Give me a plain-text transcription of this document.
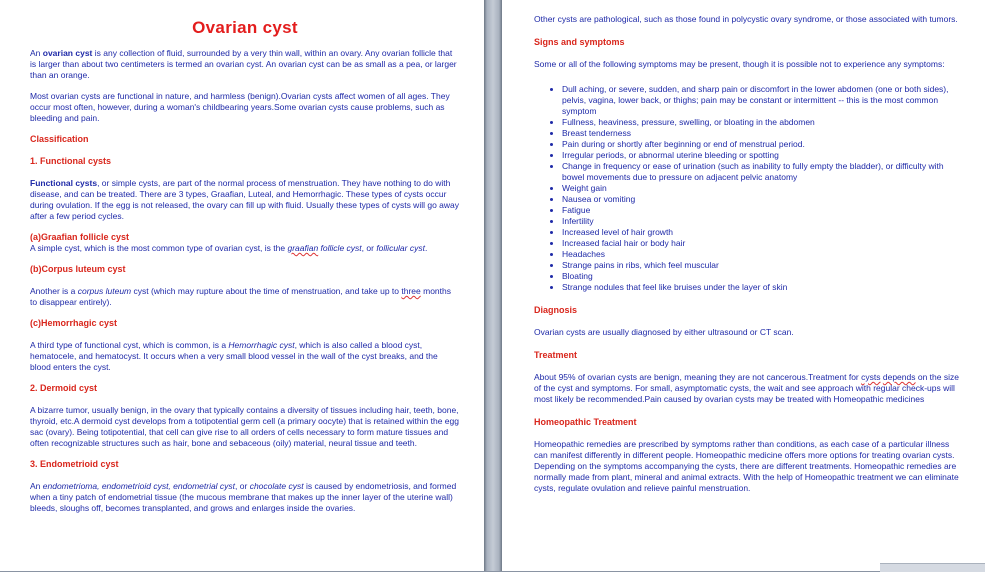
Ovarian cyst

An ovarian cyst is any collection of fluid, surrounded by a very thin wall, within an ovary. Any ovarian follicle that is larger than about two centimeters is termed an ovarian cyst. An ovarian cyst can be as small as a pea, or larger than an orange.

Most ovarian cysts are functional in nature, and harmless (benign).Ovarian cysts affect women of all ages. They occur most often, however, during a woman's childbearing years.Some ovarian cysts cause problems, such as bleeding and pain.

Classification
1. Functional cysts

Functional cysts, or simple cysts, are part of the normal process of menstruation. They have nothing to do with disease, and can be treated. There are 3 types, Graafian, Luteal, and Hemorrhagic. These types of cysts occur during ovulation. If the egg is not released, the ovary can fill up with fluid. Usually these types of cysts will go away after a few period cycles.

(a)Graafian follicle cyst

A simple cyst, which is the most common type of ovarian cyst, is the graafian follicle cyst, or follicular cyst.

(b)Corpus luteum cyst

Another is a corpus luteum cyst (which may rupture about the time of menstruation, and take up to three months to disappear entirely).

(c)Hemorrhagic cyst

A third type of functional cyst, which is common, is a Hemorrhagic cyst, which is also called a blood cyst, hematocele, and hematocyst. It occurs when a very small blood vessel in the wall of the cyst breaks, and the blood enters the cyst.

2. Dermoid cyst

A bizarre tumor, usually benign, in the ovary that typically contains a diversity of tissues including hair, teeth, bone, thyroid, etc.A dermoid cyst develops from a totipotential germ cell (a primary oocyte) that is retained within the egg sac (ovary). Being totipotential, that cell can give rise to all orders of cells necessary to form mature tissues and often recognizable structures such as hair, bone and sebaceous (oily) material, neural tissue and teeth.

3. Endometrioid cyst

An endometrioma, endometrioid cyst, endometrial cyst, or chocolate cyst is caused by endometriosis, and formed when a tiny patch of endometrial tissue (the mucous membrane that makes up the inner layer of the uterine wall) bleeds, sloughs off, becomes transplanted, and grows and enlarges inside the ovaries.

Other cysts are pathological, such as those found in polycystic ovary syndrome, or those associated with tumors.

Signs and symptoms

Some or all of the following symptoms may be present, though it is possible not to experience any symptoms:

• Dull aching, or severe, sudden, and sharp pain or discomfort in the lower abdomen (one or both sides), pelvis, vagina, lower back, or thighs; pain may be constant or intermittent -- this is the most common symptom
• Fullness, heaviness, pressure, swelling, or bloating in the abdomen
• Breast tenderness
• Pain during or shortly after beginning or end of menstrual period.
• Irregular periods, or abnormal uterine bleeding or spotting
• Change in frequency or ease of urination (such as inability to fully empty the bladder), or difficulty with bowel movements due to pressure on adjacent pelvic anatomy
• Weight gain
• Nausea or vomiting
• Fatigue
• Infertility
• Increased level of hair growth
• Increased facial hair or body hair
• Headaches
• Strange pains in ribs, which feel muscular
• Bloating
• Strange nodules that feel like bruises under the layer of skin
Diagnosis

Ovarian cysts are usually diagnosed by either ultrasound or CT scan.

Treatment

About 95% of ovarian cysts are benign, meaning they are not cancerous.Treatment for cysts depends on the size of the cyst and symptoms. For small, asymptomatic cysts, the wait and see approach with regular check-ups will most likely be recommended.Pain caused by ovarian cysts may be treated with Homeopathic medicines

Homeopathic Treatment

Homeopathic remedies are prescribed by symptoms rather than conditions, as each case of a particular illness can manifest differently in different people. Homeopathic medicine offers more options for treating ovarian cysts. Depending on the symptoms accompanying the cysts, there are different treatments. Homeopathic remedies are normally made from plant, mineral and animal extracts. With the help of Homeopathic treatment we can eliminate cysts, regulate ovulation and relieve painful menstruation.
